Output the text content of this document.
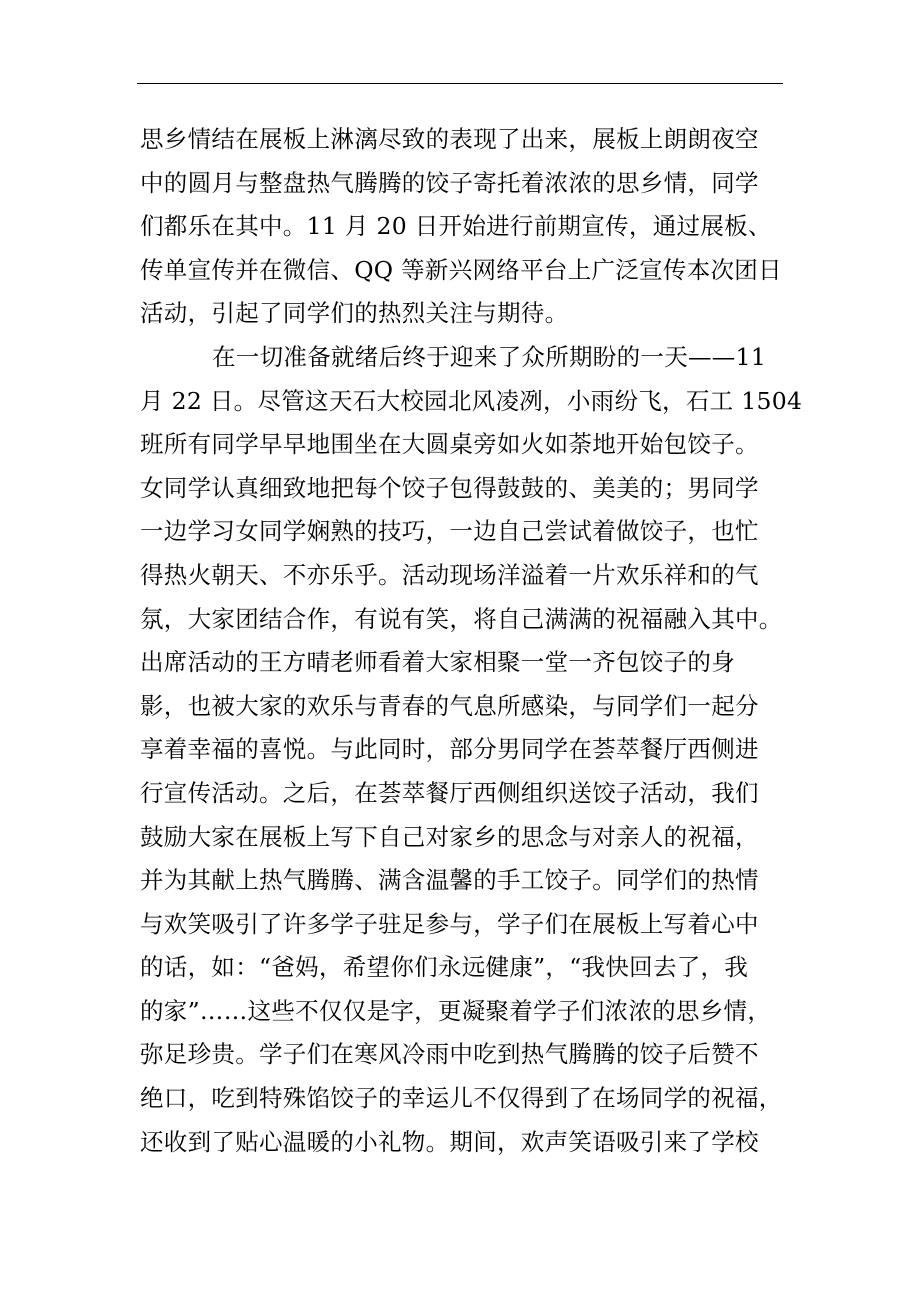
思乡情结在展板上淋漓尽致的表现了出来，展板上朗朗夜空
中的圆月与整盘热气腾腾的饺子寄托着浓浓的思乡情，同学
们都乐在其中。11 月 20 日开始进行前期宣传，通过展板、
传单宣传并在微信、QQ 等新兴网络平台上广泛宣传本次团日
活动，引起了同学们的热烈关注与期待。
在一切准备就绪后终于迎来了众所期盼的一天——11
月 22 日。尽管这天石大校园北风凌冽，小雨纷飞，石工 1504
班所有同学早早地围坐在大圆桌旁如火如荼地开始包饺子。
女同学认真细致地把每个饺子包得鼓鼓的、美美的；男同学
一边学习女同学娴熟的技巧，一边自己尝试着做饺子，也忙
得热火朝天、不亦乐乎。活动现场洋溢着一片欢乐祥和的气
氛，大家团结合作，有说有笑，将自己满满的祝福融入其中。
出席活动的王方晴老师看着大家相聚一堂一齐包饺子的身
影，也被大家的欢乐与青春的气息所感染，与同学们一起分
享着幸福的喜悦。与此同时，部分男同学在荟萃餐厅西侧进
行宣传活动。之后，在荟萃餐厅西侧组织送饺子活动，我们
鼓励大家在展板上写下自己对家乡的思念与对亲人的祝福，
并为其献上热气腾腾、满含温馨的手工饺子。同学们的热情
与欢笑吸引了许多学子驻足参与，学子们在展板上写着心中
的话，如：“爸妈，希望你们永远健康”，“我快回去了，我
的家”……这些不仅仅是字，更凝聚着学子们浓浓的思乡情，
弥足珍贵。学子们在寒风冷雨中吃到热气腾腾的饺子后赞不
绝口，吃到特殊馅饺子的幸运儿不仅得到了在场同学的祝福，
还收到了贴心温暖的小礼物。期间，欢声笑语吸引来了学校
